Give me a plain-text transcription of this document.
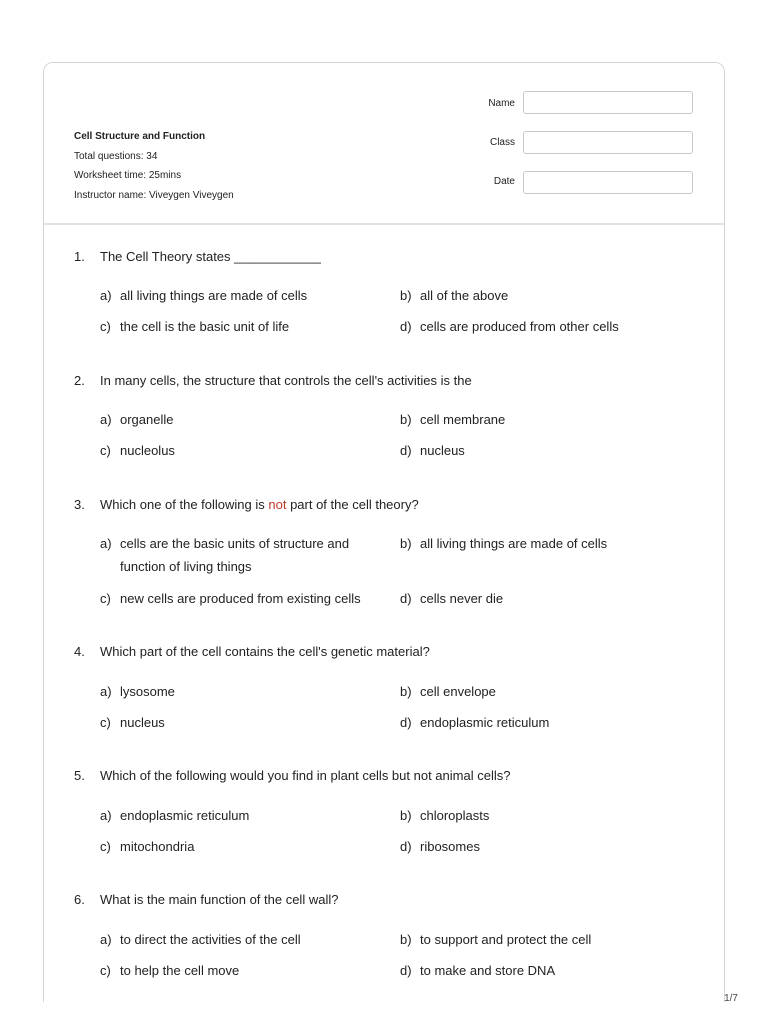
Cell Structure and Function
Total questions: 34
Worksheet time: 25mins
Instructor name: Viveygen Viveygen
Name
Class
Date
1. The Cell Theory states ____________
a) all living things are made of cells	b) all of the above
c) the cell is the basic unit of life	d) cells are produced from other cells
2. In many cells, the structure that controls the cell's activities is the
a) organelle	b) cell membrane
c) nucleolus	d) nucleus
3. Which one of the following is not part of the cell theory?
a) cells are the basic units of structure and function of living things
b) all living things are made of cells
c) new cells are produced from existing cells	d) cells never die
4. Which part of the cell contains the cell's genetic material?
a) lysosome	b) cell envelope
c) nucleus	d) endoplasmic reticulum
5. Which of the following would you find in plant cells but not animal cells?
a) endoplasmic reticulum	b) chloroplasts
c) mitochondria	d) ribosomes
6. What is the main function of the cell wall?
a) to direct the activities of the cell	b) to support and protect the cell
c) to help the cell move	d) to make and store DNA
1/7
